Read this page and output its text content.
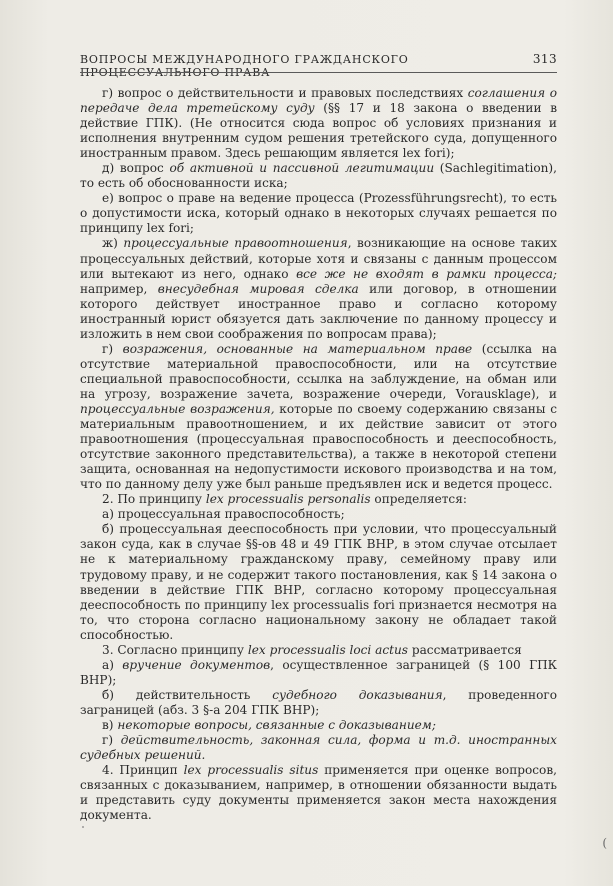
ВОПРОСЫ МЕЖДУНАРОДНОГО ГРАЖДАНСКОГО ПРОЦЕССУАЛЬНОГО ПРАВА
313

г) вопрос о действительности и правовых последствиях соглашения о передаче дела третейскому суду (§§ 17 и 18 закона о введении в действие ГПК). (Не относится сюда вопрос об условиях признания и исполнения внутренним судом решения третейского суда, допущенного иностранным правом. Здесь решающим является lex fori);

д) вопрос об активной и пассивной легитимации (Sachlegitimation), то есть об обоснованности иска;

е) вопрос о праве на ведение процесса (Prozessführungsrecht), то есть о допустимости иска, который однако в некоторых случаях решается по принципу lex fori;

ж) процессуальные правоотношения, возникающие на основе таких процессуальных действий, которые хотя и связаны с данным процессом или вытекают из него, однако все же не входят в рамки процесса; например, внесудебная мировая сделка или договор, в отношении которого действует иностранное право и согласно которому иностранный юрист обязуется дать заключение по данному процессу и изложить в нем свои соображения по вопросам права);

г) возражения, основанные на материальном праве (ссылка на отсутствие материальной правоспособности, или на отсутствие специальной правоспособности, ссылка на заблуждение, на обман или на угрозу, возражение зачета, возражение очереди, Vorausklage), и процессуальные возражения, которые по своему содержанию связаны с материальным правоотношением, и их действие зависит от этого правоотношения (процессуальная правоспособность и дееспособность, отсутствие законного представительства), а также в некоторой степени защита, основанная на недопустимости искового производства и на том, что по данному делу уже был раньше предъявлен иск и ведется процесс.

2. По принципу lex processualis personalis определяется:

а) процессуальная правоспособность;

б) процессуальная дееспособность при условии, что процессуальный закон суда, как в случае §§-ов 48 и 49 ГПК ВНР, в этом случае отсылает не к материальному гражданскому праву, семейному праву или трудовому праву, и не содержит такого постановления, как § 14 закона о введении в действие ГПК ВНР, согласно которому процессуальная дееспособность по принципу lex processualis fori признается несмотря на то, что сторона согласно национальному закону не обладает такой способностью.

3. Согласно принципу lex processualis loci actus рассматривается

а) вручение документов, осуществленное заграницей (§ 100 ГПК ВНР);

б) действительность судебного доказывания, проведенного заграницей (абз. 3 §-а 204 ГПК ВНР);

в) некоторые вопросы, связанные с доказыванием;

г) действительность, законная сила, форма и т.д. иностранных судебных решений.

4. Принцип lex processualis situs применяется при оценке вопросов, связанных с доказыванием, например, в отношении обязанности выдать и представить суду документы применяется закон места нахождения документа.

(
